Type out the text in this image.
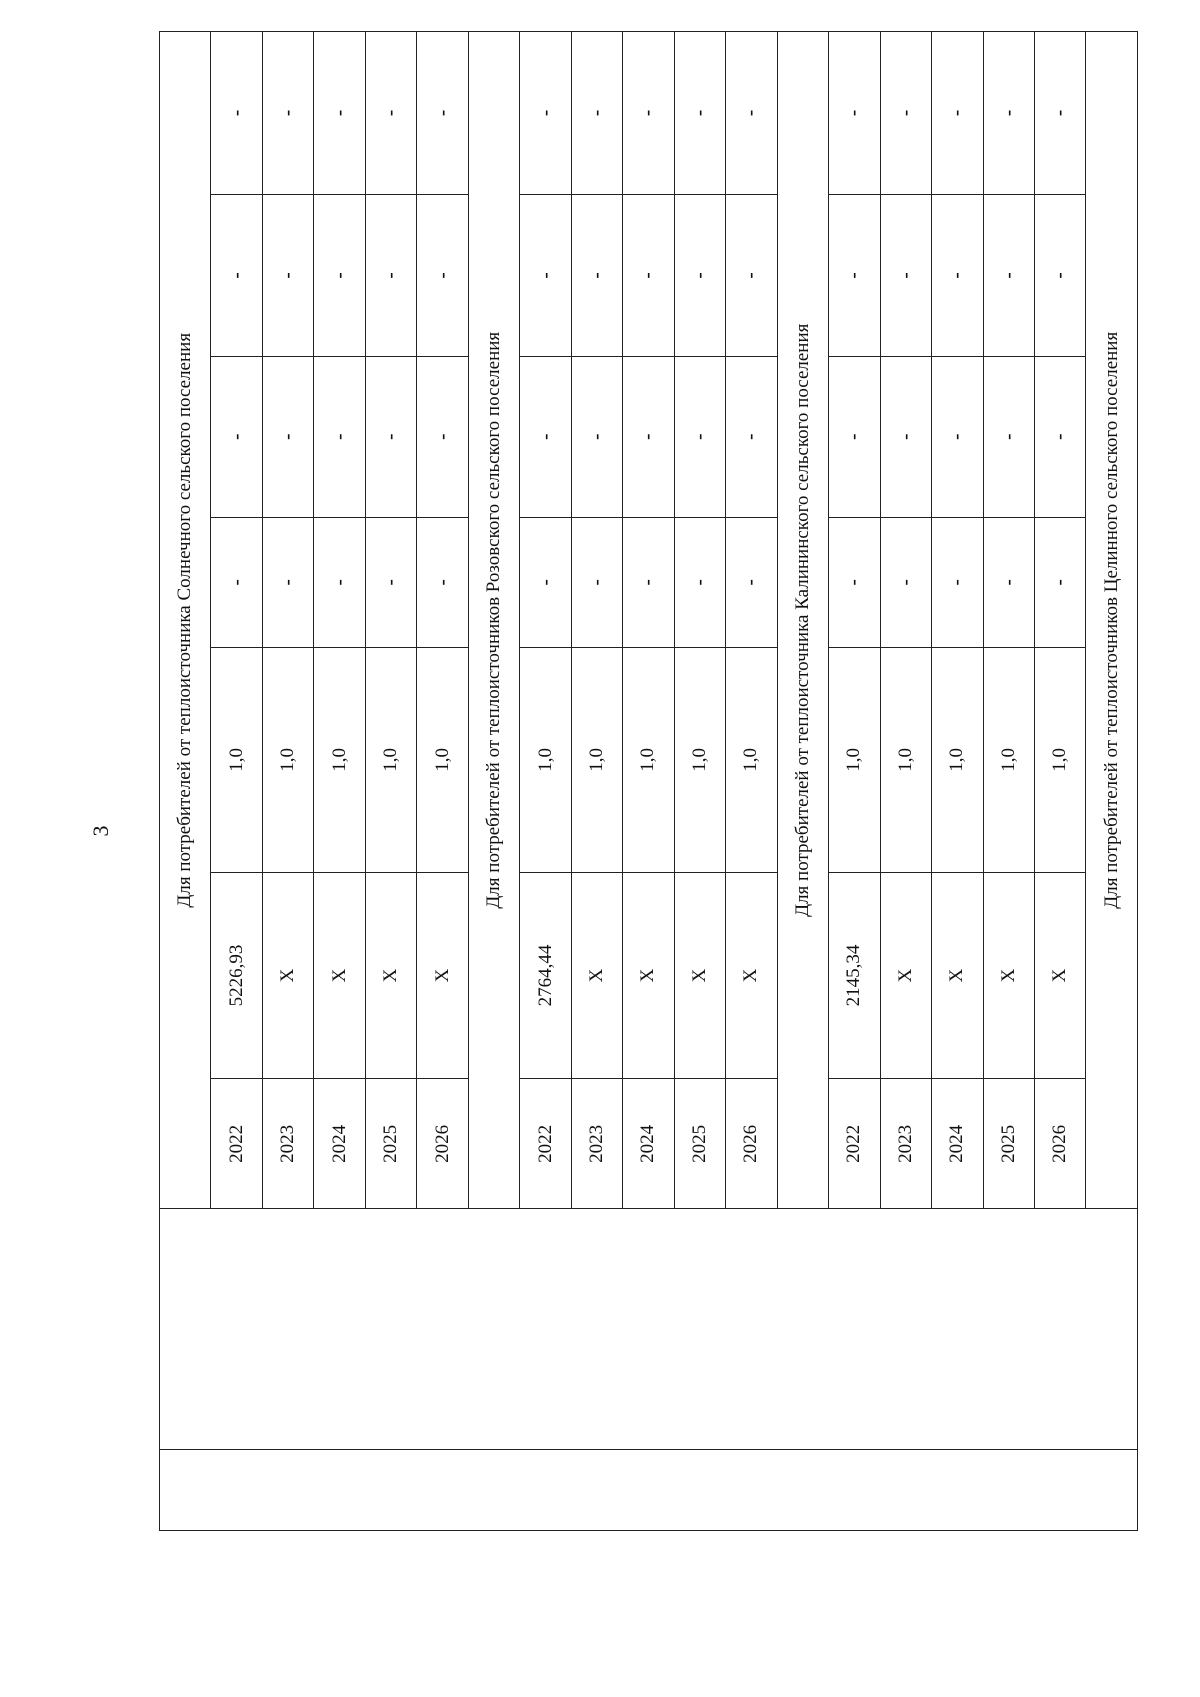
3
			Для потребителей от теплоисточника Солнечного сельского поселения						
		2022	5226,93	1,0	-	-	-	-
		2023	X	1,0	-	-	-	-
		2024	X	1,0	-	-	-	-
		2025	X	1,0	-	-	-	-
		2026	X	1,0	-	-	-	-
		Для потребителей от теплоисточников Розовского сельского поселения						
		2022	2764,44	1,0	-	-	-	-
		2023	X	1,0	-	-	-	-
		2024	X	1,0	-	-	-	-
		2025	X	1,0	-	-	-	-
		2026	X	1,0	-	-	-	-
		Для потребителей от теплоисточника Калининского сельского поселения						
		2022	2145,34	1,0	-	-	-	-
		2023	X	1,0	-	-	-	-
		2024	X	1,0	-	-	-	-
		2025	X	1,0	-	-	-	-
		2026	X	1,0	-	-	-	-
		Для потребителей от теплоисточников Целинного сельского поселения						
